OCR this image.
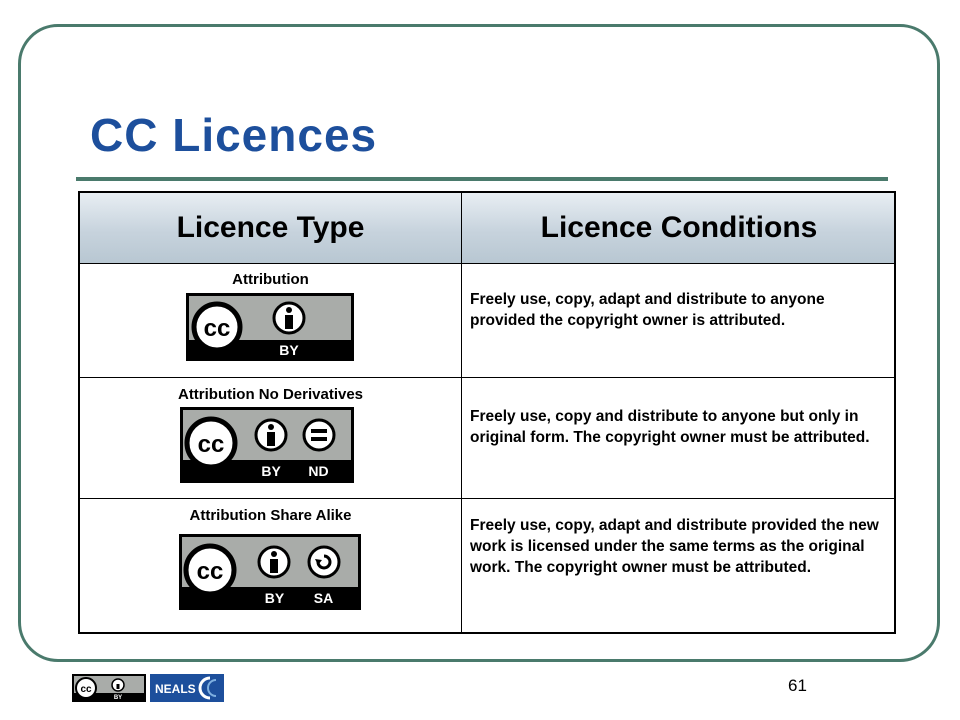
CC Licences
Licence Type	Licence Conditions
Attribution
cc
BY
Freely use, copy, adapt and distribute to anyone provided the copyright owner is attributed.
Attribution No Derivatives
cc
BY ND
Freely use, copy and distribute to anyone but only in original form. The copyright owner must be attributed.
Attribution Share Alike
cc
BY SA
Freely use, copy, adapt and distribute provided the new work is licensed under the same terms as the original work. The copyright owner must be attributed.
cc
BY
NEALS	61
